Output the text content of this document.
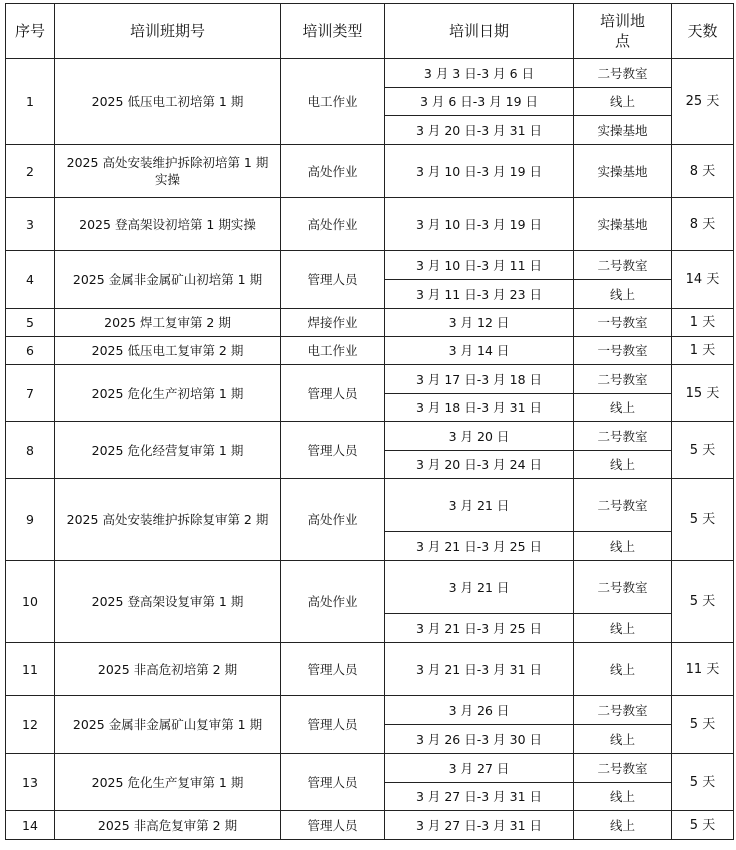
序号	培训班期号	培训类型	培训日期	培训地点	天数
1	2025 低压电工初培第 1 期	电工作业	3 月 3 日-3 月 6 日	二号教室	25 天
			3 月 6 日-3 月 19 日	线上	
			3 月 20 日-3 月 31 日	实操基地	
2	2025 高处安装维护拆除初培第 1 期实操	高处作业	3 月 10 日-3 月 19 日	实操基地	8 天
3	2025 登高架设初培第 1 期实操	高处作业	3 月 10 日-3 月 19 日	实操基地	8 天
4	2025 金属非金属矿山初培第 1 期	管理人员	3 月 10 日-3 月 11 日	二号教室	14 天
			3 月 11 日-3 月 23 日	线上	
5	2025 焊工复审第 2 期	焊接作业	3 月 12 日	一号教室	1 天
6	2025 低压电工复审第 2 期	电工作业	3 月 14 日	一号教室	1 天
7	2025 危化生产初培第 1 期	管理人员	3 月 17 日-3 月 18 日	二号教室	15 天
			3 月 18 日-3 月 31 日	线上	
8	2025 危化经营复审第 1 期	管理人员	3 月 20 日	二号教室	5 天
			3 月 20 日-3 月 24 日	线上	
9	2025 高处安装维护拆除复审第 2 期	高处作业	3 月 21 日	二号教室	5 天
			3 月 21 日-3 月 25 日	线上	
10	2025 登高架设复审第 1 期	高处作业	3 月 21 日	二号教室	5 天
			3 月 21 日-3 月 25 日	线上	
11	2025 非高危初培第 2 期	管理人员	3 月 21 日-3 月 31 日	线上	11 天
12	2025 金属非金属矿山复审第 1 期	管理人员	3 月 26 日	二号教室	5 天
			3 月 26 日-3 月 30 日	线上	
13	2025 危化生产复审第 1 期	管理人员	3 月 27 日	二号教室	5 天
			3 月 27 日-3 月 31 日	线上	
14	2025 非高危复审第 2 期	管理人员	3 月 27 日-3 月 31 日	线上	5 天
